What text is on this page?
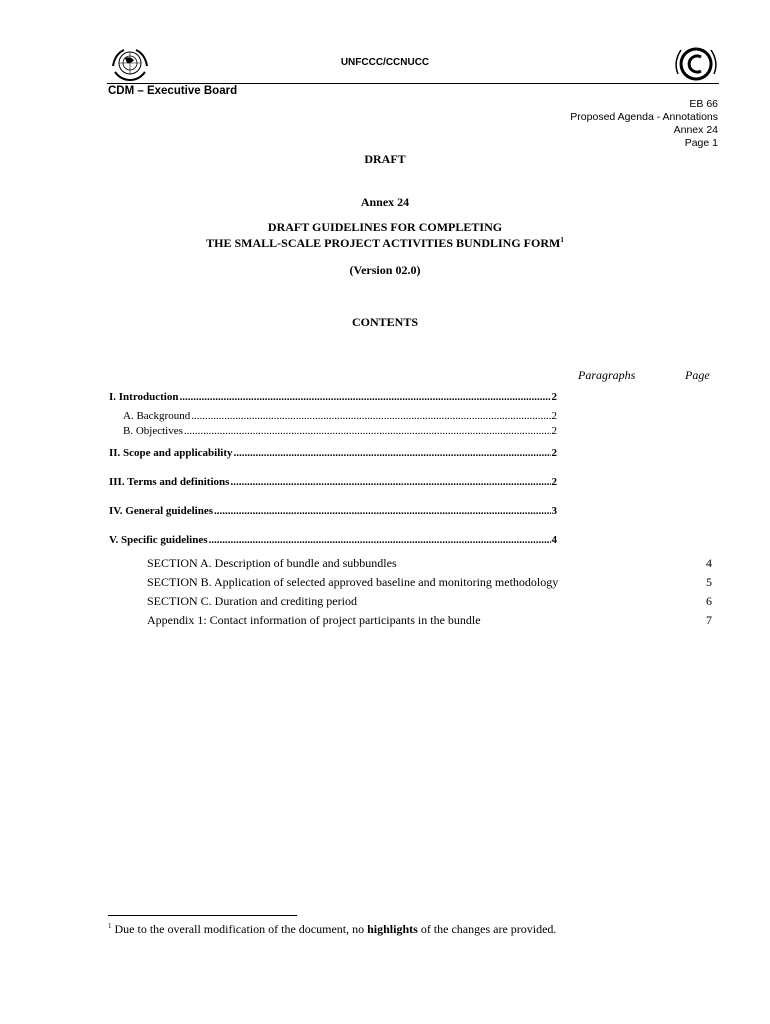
UNFCCC/CCNUCC
CDM – Executive Board
EB 66
Proposed Agenda - Annotations
Annex 24
Page 1
DRAFT
Annex 24
DRAFT GUIDELINES FOR COMPLETING
THE SMALL-SCALE PROJECT ACTIVITIES BUNDLING FORM$^1$
(Version 02.0)
CONTENTS
Paragraphs	Page
I. Introduction .....	2
A. Background .....	2
B. Objectives .....	2
II. Scope and applicability .....	2
III. Terms and definitions .....	2
IV. General guidelines .....	3
V. Specific guidelines .....	4
SECTION A. Description of bundle and subbundles	4
SECTION B. Application of selected approved baseline and monitoring methodology	5
SECTION C. Duration and crediting period	6
Appendix 1: Contact information of project participants in the bundle	7
$^1$ Due to the overall modification of the document, no highlights of the changes are provided.
